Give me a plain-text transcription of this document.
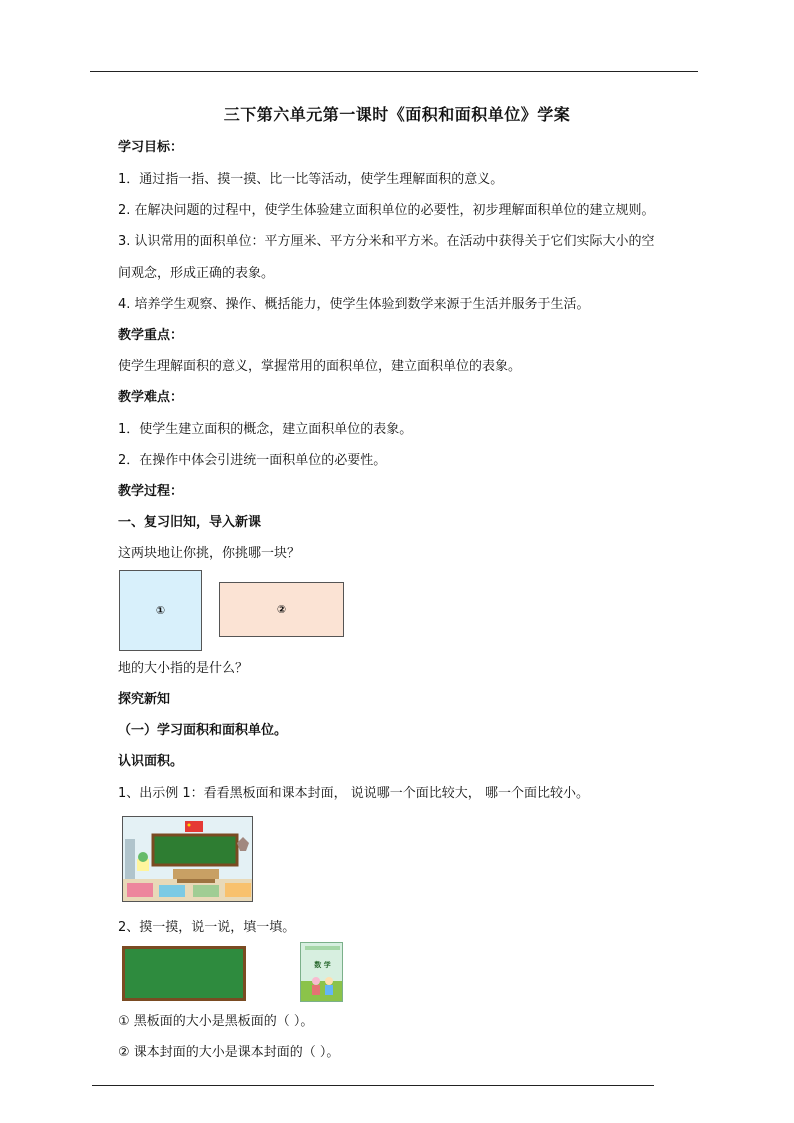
三下第六单元第一课时《面积和面积单位》学案
学习目标：
1．通过指一指、摸一摸、比一比等活动，使学生理解面积的意义。
2. 在解决问题的过程中，使学生体验建立面积单位的必要性，初步理解面积单位的建立规则。
3. 认识常用的面积单位：平方厘米、平方分米和平方米。在活动中获得关于它们实际大小的空
间观念，形成正确的表象。
4. 培养学生观察、操作、概括能力，使学生体验到数学来源于生活并服务于生活。
教学重点：
使学生理解面积的意义，掌握常用的面积单位，建立面积单位的表象。
教学难点：
1．使学生建立面积的概念，建立面积单位的表象。
2．在操作中体会引进统一面积单位的必要性。
教学过程：
一、复习旧知，导入新课
这两块地让你挑，你挑哪一块？
①	②
地的大小指的是什么？
探究新知
（一）学习面积和面积单位。
认识面积。
1、出示例 1：看看黑板面和课本封面， 说说哪一个面比较大， 哪一个面比较小。
2、摸一摸，说一说，填一填。
数 学
① 黑板面的大小是黑板面的（ ）。
② 课本封面的大小是课本封面的（ ）。
